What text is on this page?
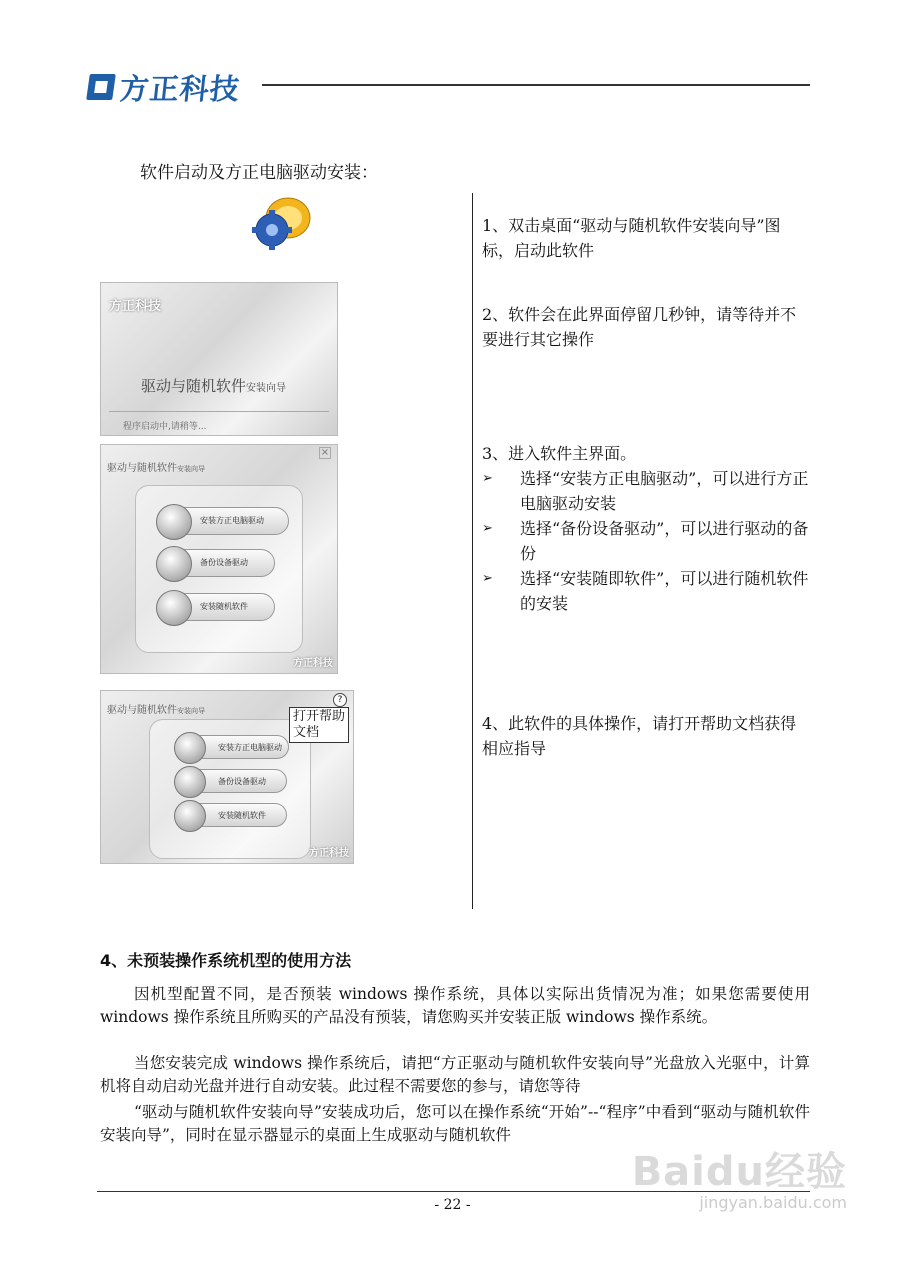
方正科技
软件启动及方正电脑驱动安装：
方正科技
驱动与随机软件安装向导
程序启动中,请稍等...
驱动与随机软件安装向导
×
安装方正电脑驱动
备份设备驱动
安装随机软件
方正科技
驱动与随机软件安装向导
?
安装方正电脑驱动
备份设备驱动
安装随机软件
方正科技
打开帮助文档
1、双击桌面“驱动与随机软件安装向导”图标，启动此软件
2、软件会在此界面停留几秒钟，请等待并不要进行其它操作
3、进入软件主界面。
➢ 选择“安装方正电脑驱动”，可以进行方正电脑驱动安装
➢ 选择“备份设备驱动”，可以进行驱动的备份
➢ 选择“安装随即软件”，可以进行随机软件的安装
4、此软件的具体操作，请打开帮助文档获得相应指导
4、未预装操作系统机型的使用方法
因机型配置不同，是否预装 windows 操作系统，具体以实际出货情况为准；如果您需要使用 windows 操作系统且所购买的产品没有预装，请您购买并安装正版 windows 操作系统。
当您安装完成 windows 操作系统后，请把“方正驱动与随机软件安装向导”光盘放入光驱中，计算机将自动启动光盘并进行自动安装。此过程不需要您的参与，请您等待
“驱动与随机软件安装向导”安装成功后，您可以在操作系统“开始”--“程序”中看到“驱动与随机软件安装向导”，同时在显示器显示的桌面上生成驱动与随机软件
- 22 -
Baidu经验
jingyan.baidu.com
